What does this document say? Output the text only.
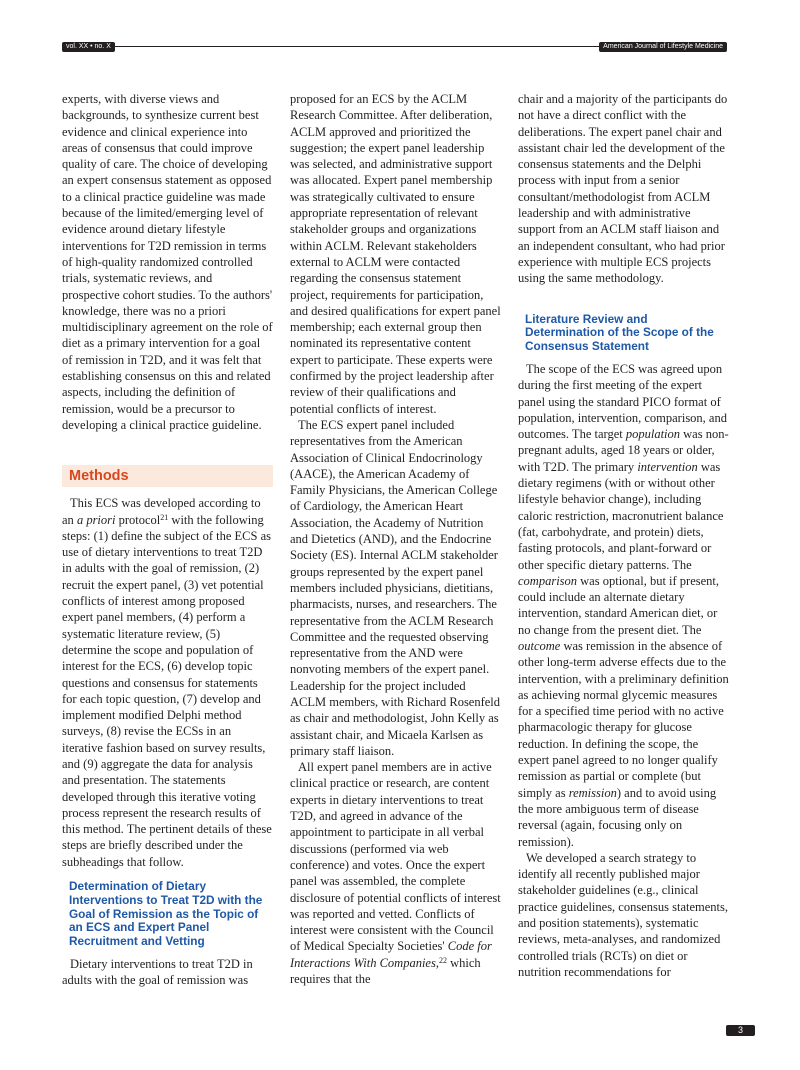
vol. XX • no. X	American Journal of Lifestyle Medicine

experts, with diverse views and backgrounds, to synthesize current best evidence and clinical experience into areas of consensus that could improve quality of care. The choice of developing an expert consensus statement as opposed to a clinical practice guideline was made because of the limited/emerging level of evidence around dietary lifestyle interventions for T2D remission in terms of high-quality randomized controlled trials, systematic reviews, and prospective cohort studies. To the authors' knowledge, there was no a priori multidisciplinary agreement on the role of diet as a primary intervention for a goal of remission in T2D, and it was felt that establishing consensus on this and related aspects, including the definition of remission, would be a precursor to developing a clinical practice guideline.

Methods

This ECS was developed according to an a priori protocol$^{21}$ with the following steps: (1) define the subject of the ECS as use of dietary interventions to treat T2D in adults with the goal of remission, (2) recruit the expert panel, (3) vet potential conflicts of interest among proposed expert panel members, (4) perform a systematic literature review, (5) determine the scope and population of interest for the ECS, (6) develop topic questions and consensus for statements for each topic question, (7) develop and implement modified Delphi method surveys, (8) revise the ECSs in an iterative fashion based on survey results, and (9) aggregate the data for analysis and presentation. The statements developed through this iterative voting process represent the research results of this method. The pertinent details of these steps are briefly described under the subheadings that follow.

Determination of Dietary Interventions to Treat T2D with the Goal of Remission as the Topic of an ECS and Expert Panel Recruitment and Vetting

Dietary interventions to treat T2D in adults with the goal of remission was

proposed for an ECS by the ACLM Research Committee. After deliberation, ACLM approved and prioritized the suggestion; the expert panel leadership was selected, and administrative support was allocated. Expert panel membership was strategically cultivated to ensure appropriate representation of relevant stakeholder groups and organizations within ACLM. Relevant stakeholders external to ACLM were contacted regarding the consensus statement project, requirements for participation, and desired qualifications for expert panel membership; each external group then nominated its representative content expert to participate. These experts were confirmed by the project leadership after review of their qualifications and potential conflicts of interest.

The ECS expert panel included representatives from the American Association of Clinical Endocrinology (AACE), the American Academy of Family Physicians, the American College of Cardiology, the American Heart Association, the Academy of Nutrition and Dietetics (AND), and the Endocrine Society (ES). Internal ACLM stakeholder groups represented by the expert panel members included physicians, dietitians, pharmacists, nurses, and researchers. The representative from the ACLM Research Committee and the requested observing representative from the AND were nonvoting members of the expert panel. Leadership for the project included ACLM members, with Richard Rosenfeld as chair and methodologist, John Kelly as assistant chair, and Micaela Karlsen as primary staff liaison.

All expert panel members are in active clinical practice or research, are content experts in dietary interventions to treat T2D, and agreed in advance of the appointment to participate in all verbal discussions (performed via web conference) and votes. Once the expert panel was assembled, the complete disclosure of potential conflicts of interest was reported and vetted. Conflicts of interest were consistent with the Council of Medical Specialty Societies' Code for Interactions With Companies,$^{22}$ which requires that the

chair and a majority of the participants do not have a direct conflict with the deliberations. The expert panel chair and assistant chair led the development of the consensus statements and the Delphi process with input from a senior consultant/methodologist from ACLM leadership and with administrative support from an ACLM staff liaison and an independent consultant, who had prior experience with multiple ECS projects using the same methodology.

Literature Review and Determination of the Scope of the Consensus Statement

The scope of the ECS was agreed upon during the first meeting of the expert panel using the standard PICO format of population, intervention, comparison, and outcomes. The target population was non-pregnant adults, aged 18 years or older, with T2D. The primary intervention was dietary regimens (with or without other lifestyle behavior change), including caloric restriction, macronutrient balance (fat, carbohydrate, and protein) diets, fasting protocols, and plant-forward or other specific dietary patterns. The comparison was optional, but if present, could include an alternate dietary intervention, standard American diet, or no change from the present diet. The outcome was remission in the absence of other long-term adverse effects due to the intervention, with a preliminary definition as achieving normal glycemic measures for a specified time period with no active pharmacologic therapy for glucose reduction. In defining the scope, the expert panel agreed to no longer qualify remission as partial or complete (but simply as remission) and to avoid using the more ambiguous term of disease reversal (again, focusing only on remission).

We developed a search strategy to identify all recently published major stakeholder guidelines (e.g., clinical practice guidelines, consensus statements, and position statements), systematic reviews, meta-analyses, and randomized controlled trials (RCTs) on diet or nutrition recommendations for

3
